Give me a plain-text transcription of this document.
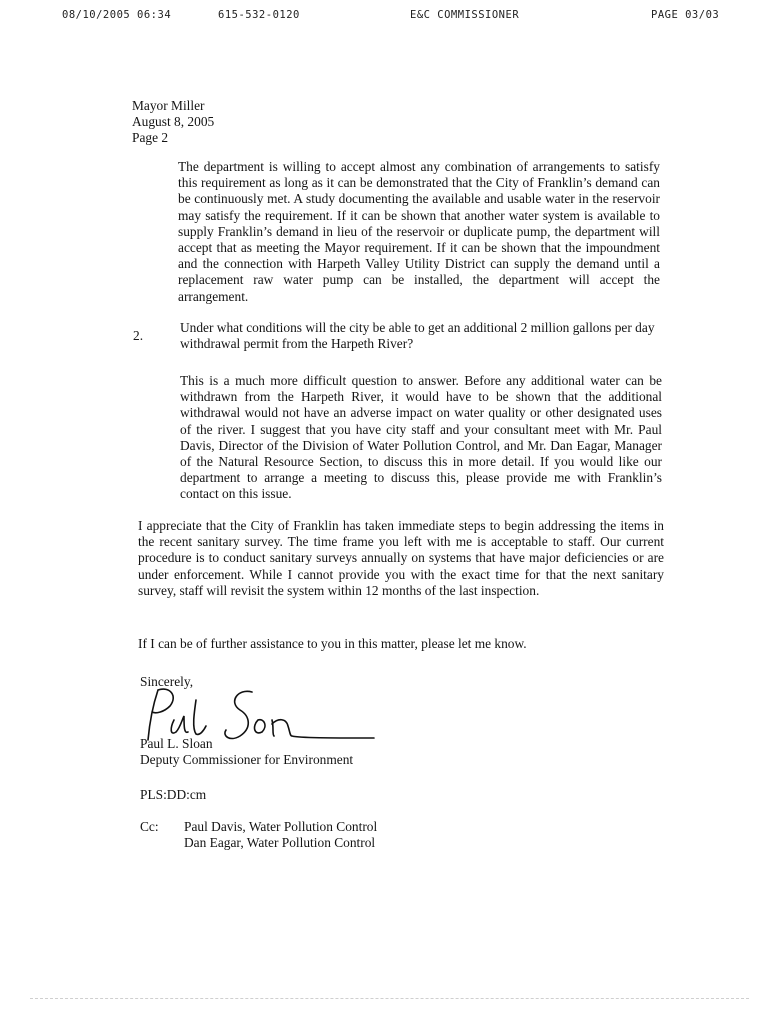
08/10/2005 06:34	615-532-0120	E&C COMMISSIONER	PAGE 03/03
Mayor Miller
August 8, 2005
Page 2

The department is willing to accept almost any combination of arrangements to satisfy this requirement as long as it can be demonstrated that the City of Franklin’s demand can be continuously met. A study documenting the available and usable water in the reservoir may satisfy the requirement. If it can be shown that another water system is available to supply Franklin’s demand in lieu of the reservoir or duplicate pump, the department will accept that as meeting the Mayor requirement. If it can be shown that the impoundment and the connection with Harpeth Valley Utility District can supply the demand until a replacement raw water pump can be installed, the department will accept the arrangement.

2.

Under what conditions will the city be able to get an additional 2 million gallons per day withdrawal permit from the Harpeth River?

This is a much more difficult question to answer. Before any additional water can be withdrawn from the Harpeth River, it would have to be shown that the additional withdrawal would not have an adverse impact on water quality or other designated uses of the river. I suggest that you have city staff and your consultant meet with Mr. Paul Davis, Director of the Division of Water Pollution Control, and Mr. Dan Eagar, Manager of the Natural Resource Section, to discuss this in more detail. If you would like our department to arrange a meeting to discuss this, please provide me with Franklin’s contact on this issue.

I appreciate that the City of Franklin has taken immediate steps to begin addressing the items in the recent sanitary survey. The time frame you left with me is acceptable to staff. Our current procedure is to conduct sanitary surveys annually on systems that have major deficiencies or are under enforcement. While I cannot provide you with the exact time for that the next sanitary survey, staff will revisit the system within 12 months of the last inspection.

If I can be of further assistance to you in this matter, please let me know.

Sincerely,
Paul L. Sloan
Deputy Commissioner for Environment
PLS:DD:cm
Cc: Paul Davis, Water Pollution Control
Dan Eagar, Water Pollution Control
